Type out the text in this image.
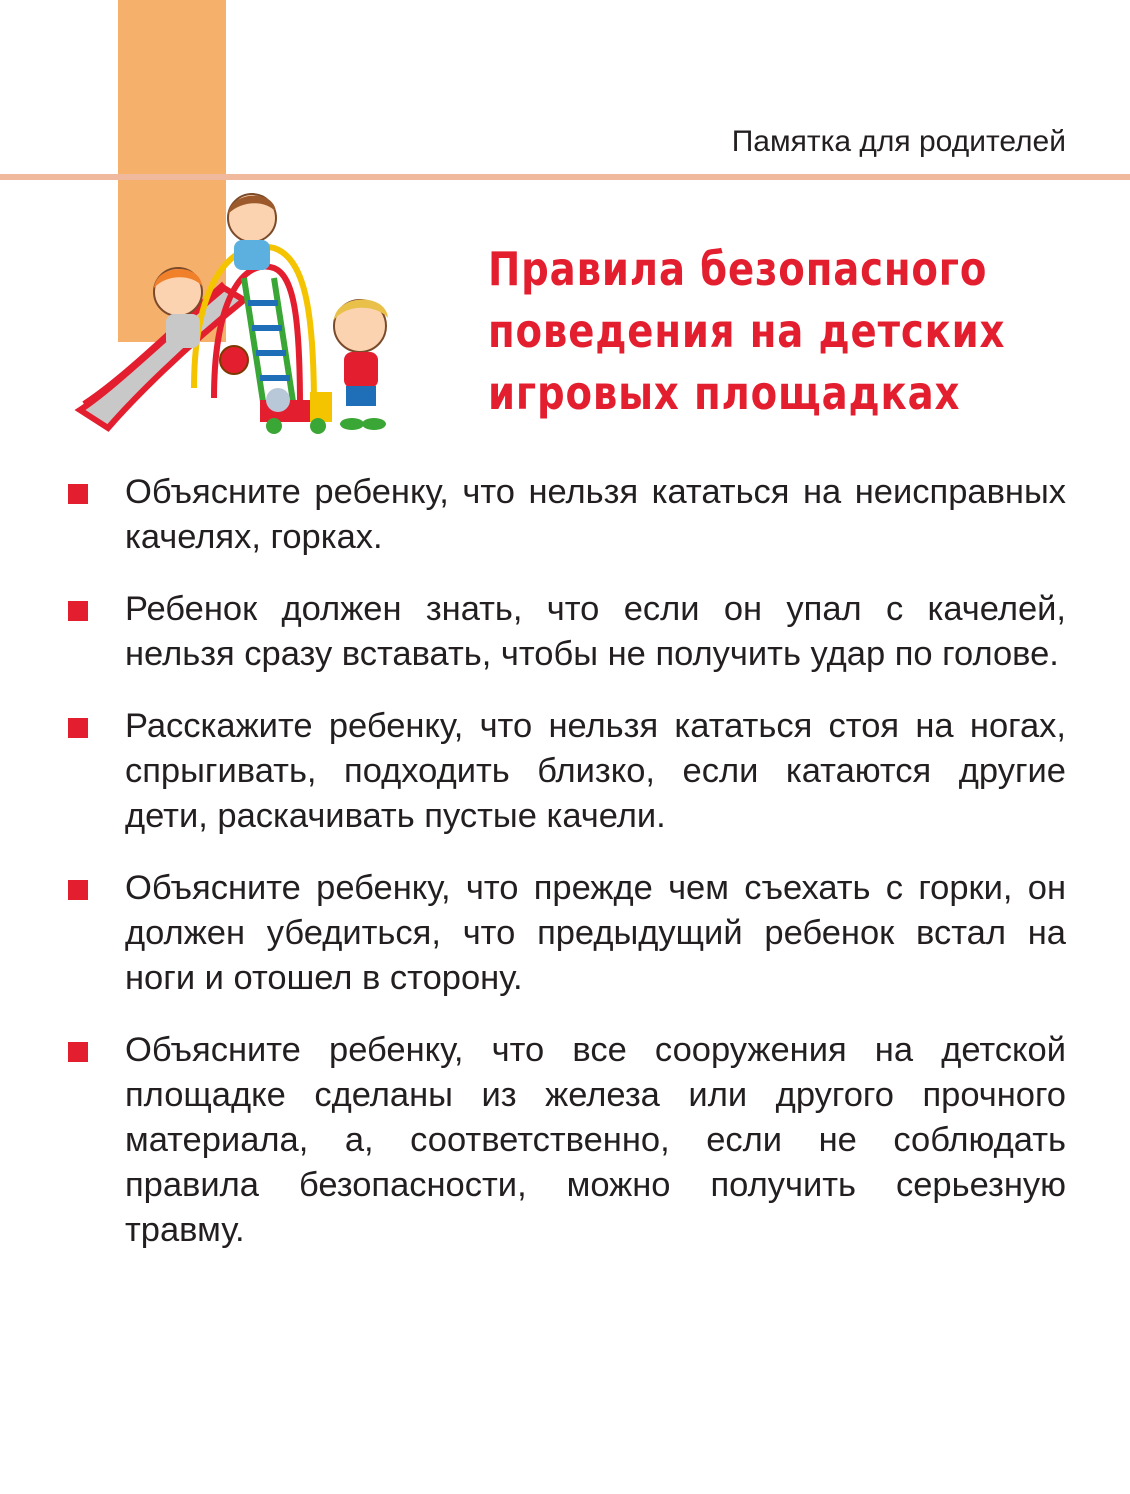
Памятка для родителей
Правила безопасного
поведения на детских
игровых площадках
Объясните ребенку, что нельзя кататься на неисправных качелях, горках.
Ребенок должен знать, что если он упал с качелей, нельзя сразу вставать, чтобы не получить удар по голове.
Расскажите ребенку, что нельзя кататься стоя на ногах, спрыгивать, подходить близко, если катаются другие дети, раскачивать пустые качели.
Объясните ребенку, что прежде чем съехать с горки, он должен убедиться, что предыдущий ребенок встал на ноги и отошел в сторону.
Объясните ребенку, что все сооружения на детской площадке сделаны из железа или другого прочного материала, а, соответственно, если не соблюдать правила безопасности, можно получить серьезную травму.
